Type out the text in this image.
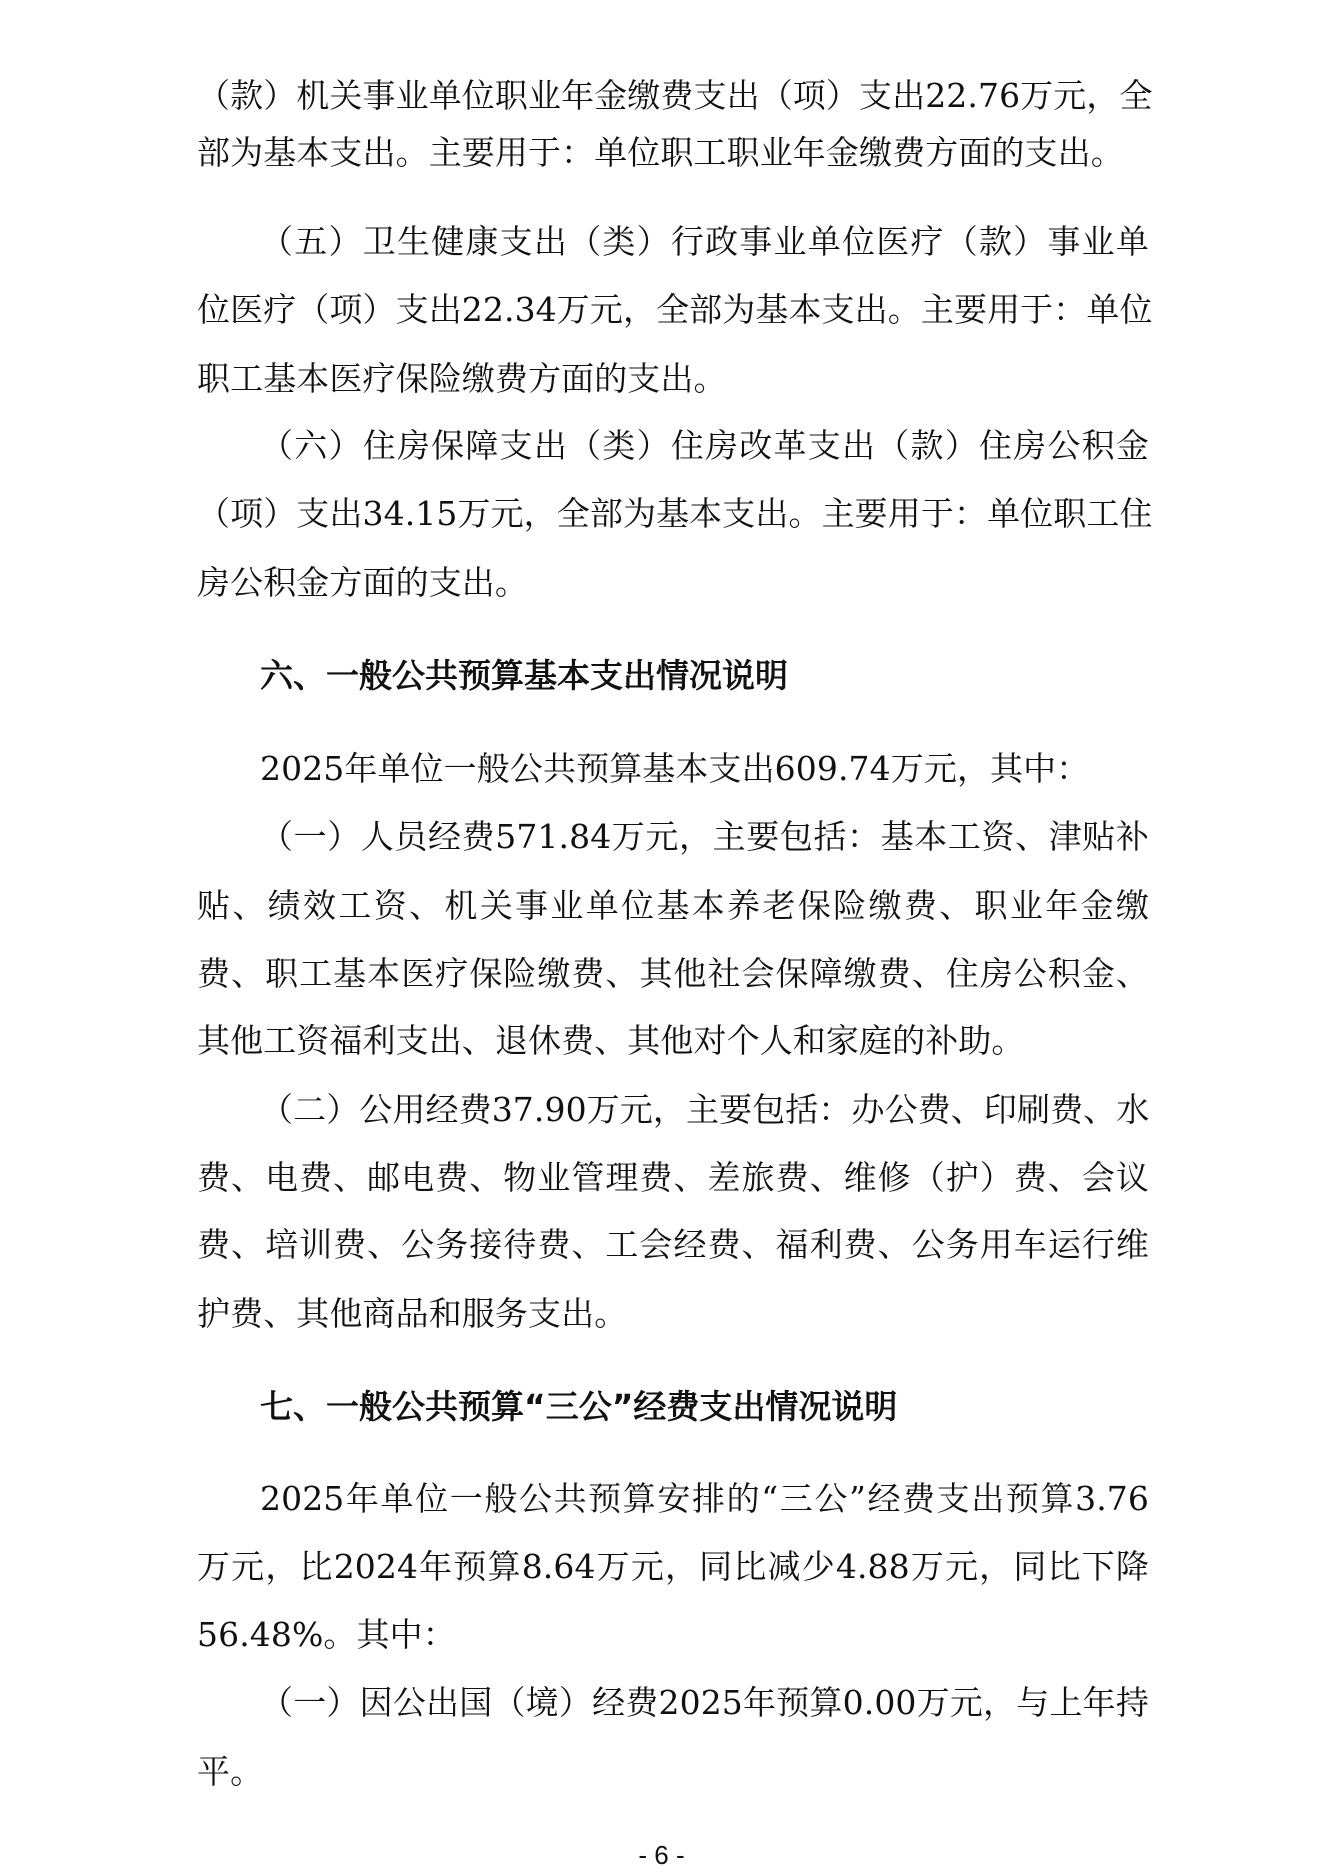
（款）机关事业单位职业年金缴费支出（项）支出22.76万元，全
部为基本支出。主要用于：单位职工职业年金缴费方面的支出。
（五）卫生健康支出（类）行政事业单位医疗（款）事业单
位医疗（项）支出22.34万元，全部为基本支出。主要用于：单位
职工基本医疗保险缴费方面的支出。
（六）住房保障支出（类）住房改革支出（款）住房公积金
（项）支出34.15万元，全部为基本支出。主要用于：单位职工住
房公积金方面的支出。
六、一般公共预算基本支出情况说明
2025年单位一般公共预算基本支出609.74万元，其中：
（一）人员经费571.84万元，主要包括：基本工资、津贴补
贴、绩效工资、机关事业单位基本养老保险缴费、职业年金缴
费、职工基本医疗保险缴费、其他社会保障缴费、住房公积金、
其他工资福利支出、退休费、其他对个人和家庭的补助。
（二）公用经费37.90万元，主要包括：办公费、印刷费、水
费、电费、邮电费、物业管理费、差旅费、维修（护）费、会议
费、培训费、公务接待费、工会经费、福利费、公务用车运行维
护费、其他商品和服务支出。
七、一般公共预算“三公”经费支出情况说明
2025年单位一般公共预算安排的“三公”经费支出预算3.76
万元，比2024年预算8.64万元，同比减少4.88万元，同比下降
56.48%。其中：
（一）因公出国（境）经费2025年预算0.00万元，与上年持
平。
- 6 -
